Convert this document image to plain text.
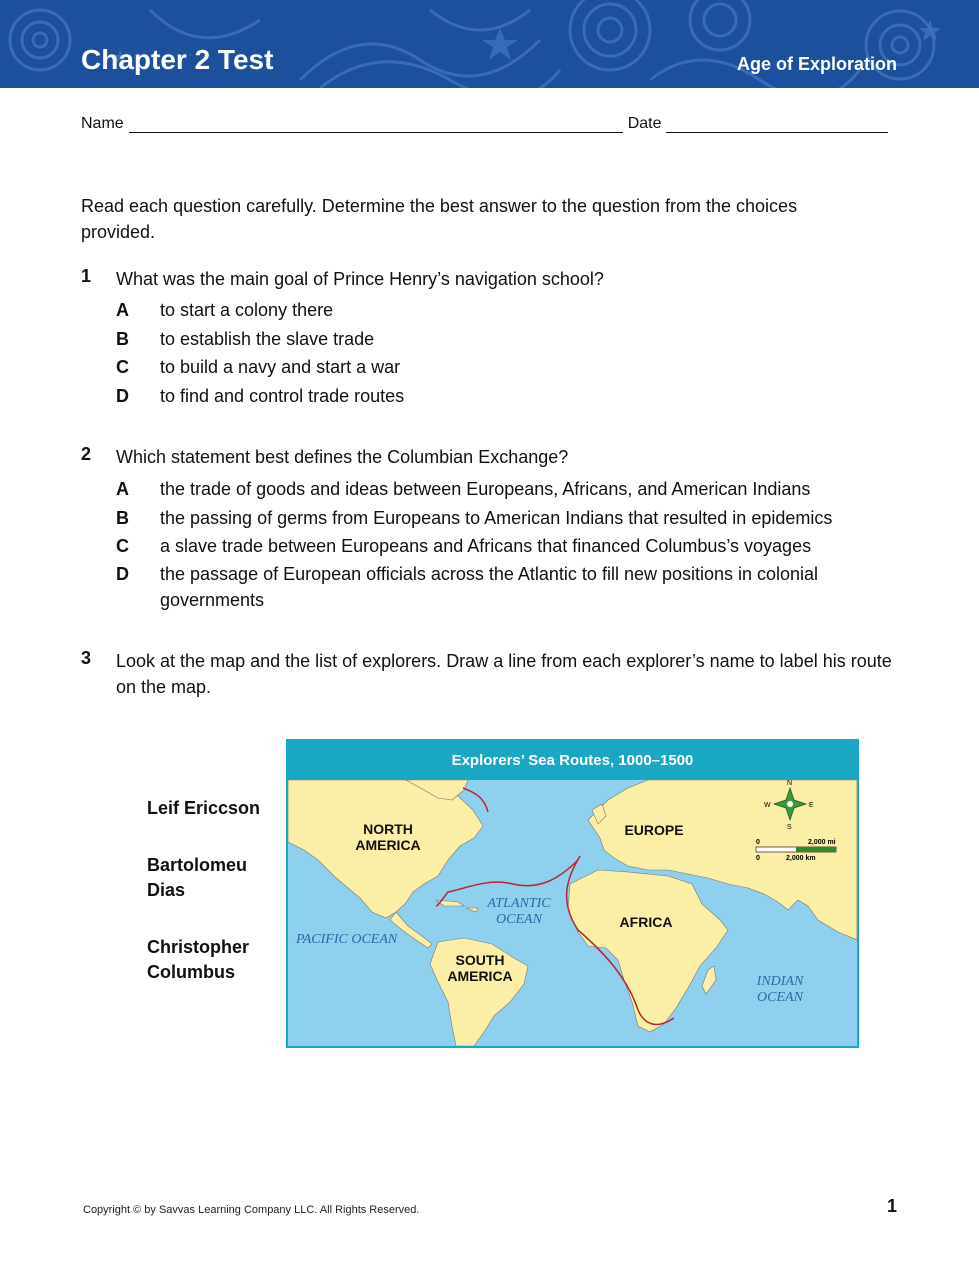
Chapter 2 Test	Age of Exploration
Name	Date
Read each question carefully. Determine the best answer to the question from the choices provided.
1 What was the main goal of Prince Henry’s navigation school?
A to start a colony there
B to establish the slave trade
C to build a navy and start a war
D to find and control trade routes
2 Which statement best defines the Columbian Exchange?
A the trade of goods and ideas between Europeans, Africans, and American Indians
B the passing of germs from Europeans to American Indians that resulted in epidemics
C a slave trade between Europeans and Africans that financed Columbus’s voyages
D the passage of European officials across the Atlantic to fill new positions in colonial governments
3 Look at the map and the list of explorers. Draw a line from each explorer’s name to label his route on the map.
Leif Ericcson
Bartolomeu Dias
Christopher Columbus
Explorers’ Sea Routes, 1000–1500
N
S
E
W
0	2,000 mi
0	2,000 km
NORTH AMERICA
EUROPE
AFRICA
SOUTH AMERICA
ATLANTIC OCEAN
PACIFIC OCEAN
INDIAN OCEAN
Copyright © by Savvas Learning Company LLC. All Rights Reserved.	1
